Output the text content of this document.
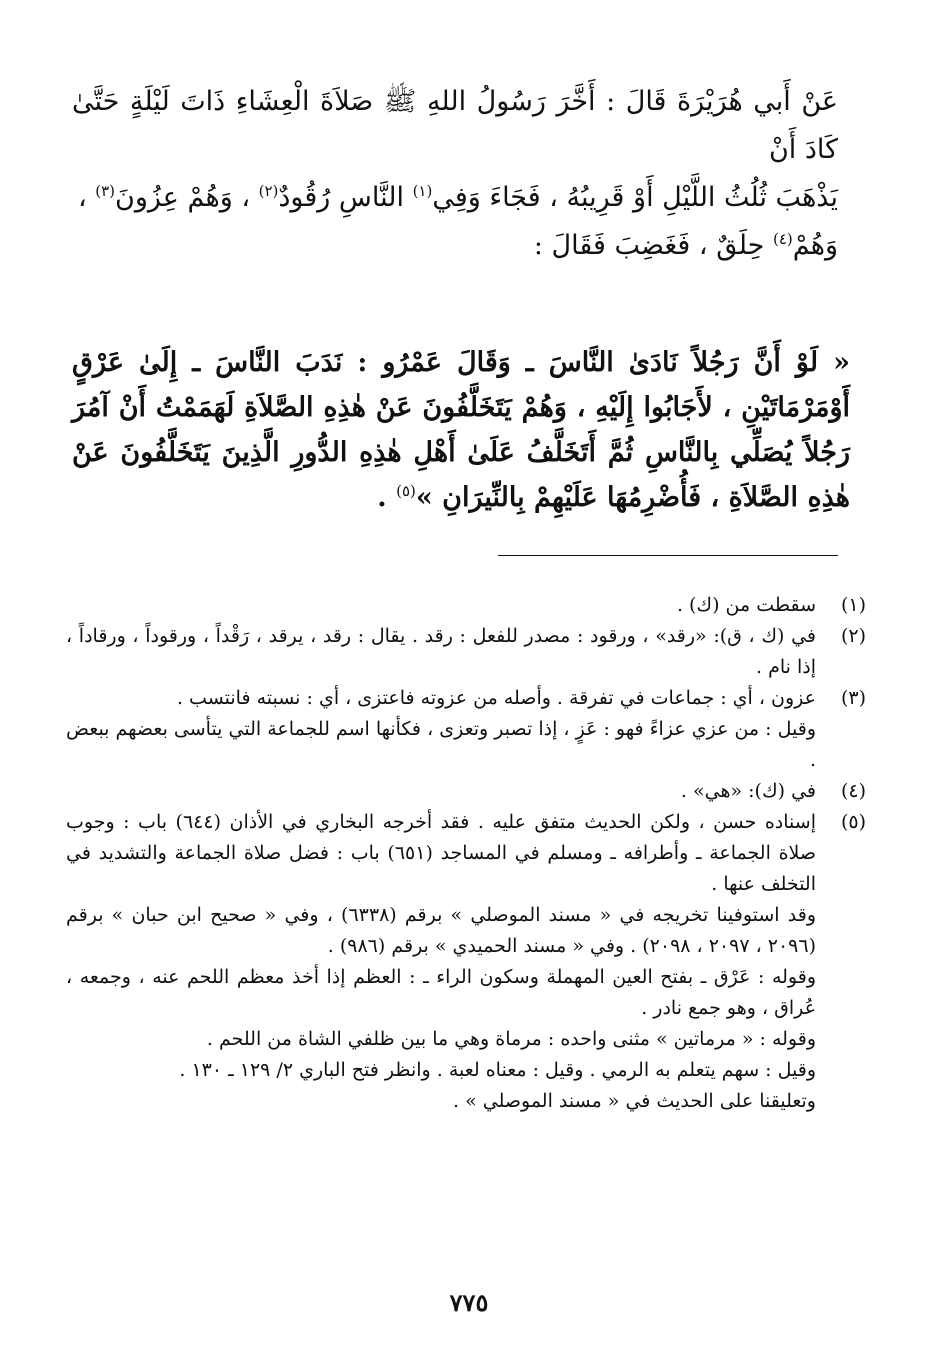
عَنْ أَبي هُرَيْرَةَ قَالَ : أَخَّرَ رَسُولُ اللهِ ﷺ صَلاَةَ الْعِشَاءِ ذَاتَ لَيْلَةٍ حَتَّىٰ كَادَ أَنْ

يَذْهَبَ ثُلُثُ اللَّيْلِ أَوْ قَرِيبُهُ ، فَجَاءَ وَفِي$^{(١)}$ النَّاسِ رُقُودٌ$^{(٢)}$ ، وَهُمْ عِزُونَ$^{(٣)}$ ،

وَهُمْ$^{(٤)}$ حِلَقٌ ، فَغَضِبَ فَقَالَ :

« لَوْ أَنَّ رَجُلاً نَادَىٰ النَّاسَ ـ وَقَالَ عَمْرُو : نَدَبَ النَّاسَ ـ إِلَىٰ عَرْقٍ أَوْمَرْمَاتَيْنِ ، لأَجَابُوا إِلَيْهِ ، وَهُمْ يَتَخَلَّفُونَ عَنْ هٰذِهِ الصَّلاَةِ لَهَمَمْتُ أَنْ آمُرَ رَجُلاً يُصَلِّي بِالنَّاسِ ثُمَّ أَتَخَلَّفُ عَلَىٰ أَهْلِ هٰذِهِ الدُّورِ الَّذِينَ يَتَخَلَّفُونَ عَنْ هٰذِهِ الصَّلاَةِ ، فَأُضْرِمُهَا عَلَيْهِمْ بِالنِّيرَانِ »$^{(٥)}$ .

(١)

سقطت من (ك) .

(٢)

في (ك ، ق): «رقد» ، ورقود : مصدر للفعل : رقد . يقال : رقد ، يرقد ، رَقْداً ، ورقوداً ، ورقاداً ، إذا نام .

(٣)

عزون ، أي : جماعات في تفرقة . وأصله من عزوته فاعتزى ، أي : نسبته فانتسب .

وقيل : من عزي عزاءً فهو : عَزٍ ، إذا تصبر وتعزى ، فكأنها اسم للجماعة التي يتأسى بعضهم ببعض .

(٤)

في (ك): «هي» .

(٥)

إسناده حسن ، ولكن الحديث متفق عليه . فقد أخرجه البخاري في الأذان (٦٤٤) باب : وجوب صلاة الجماعة ـ وأطرافه ـ ومسلم في المساجد (٦٥١) باب : فضل صلاة الجماعة والتشديد في التخلف عنها .

وقد استوفينا تخريجه في « مسند الموصلي » برقم (٦٣٣٨) ، وفي « صحيح ابن حبان » برقم (٢٠٩٦ ، ٢٠٩٧ ، ٢٠٩٨) . وفي « مسند الحميدي » برقم (٩٨٦) .

وقوله : عَرْق ـ بفتح العين المهملة وسكون الراء ـ : العظم إذا أخذ معظم اللحم عنه ، وجمعه ، عُراق ، وهو جمع نادر .

وقوله : « مرماتين » مثنى واحده : مرماة وهي ما بين ظلفي الشاة من اللحم .

وقيل : سهم يتعلم به الرمي . وقيل : معناه لعبة . وانظر فتح الباري ٢/ ١٢٩ ـ ١٣٠ .

وتعليقنا على الحديث في « مسند الموصلي » .

٧٧٥
